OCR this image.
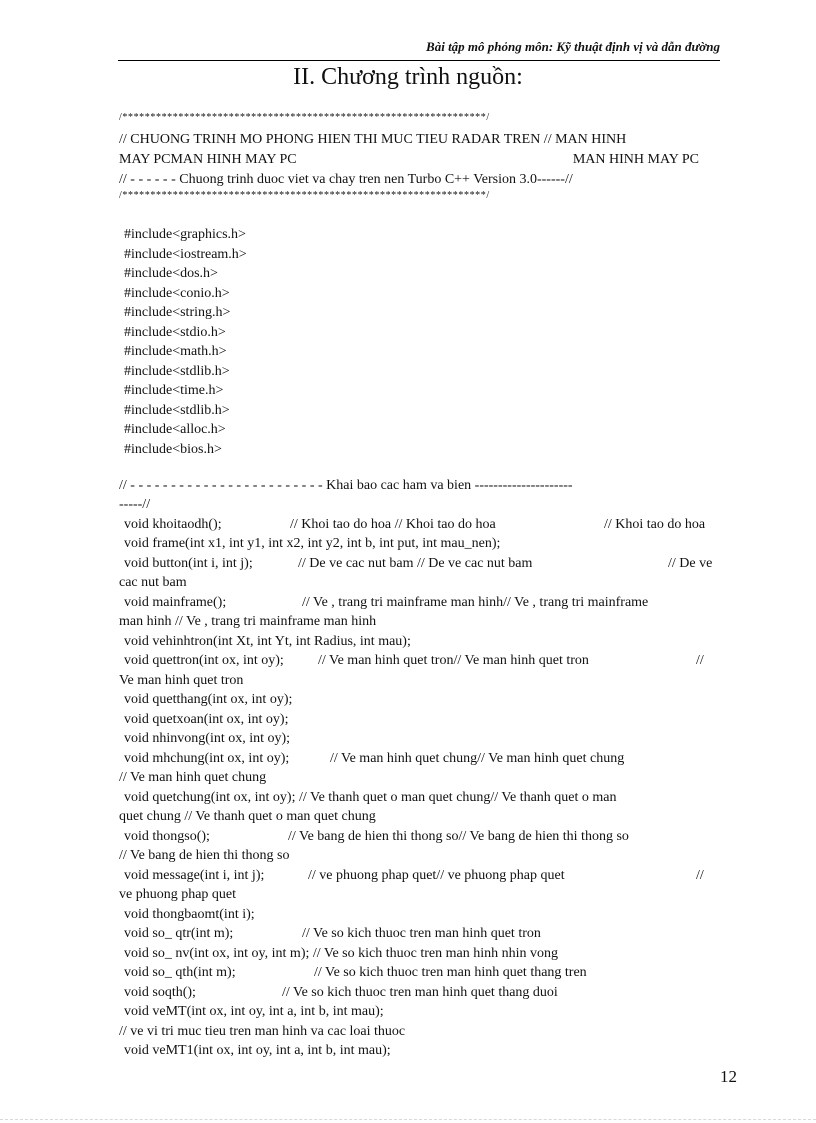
Bài tập mô phỏng môn: Kỹ thuật định vị và dẫn đường
II. Chương trình nguồn:
/*****************************************************************/
// CHUONG TRINH MO PHONG HIEN THI MUC TIEU RADAR TREN // MAN HINH
MAY PCMAN HINH MAY PC	MAN HINH MAY PC
// - - - - - - Chuong trinh duoc viet va chay tren nen Turbo C++ Version 3.0------//
/*****************************************************************/
#include<graphics.h>
#include<iostream.h>
#include<dos.h>
#include<conio.h>
#include<string.h>
#include<stdio.h>
#include<math.h>
#include<stdlib.h>
#include<time.h>
#include<stdlib.h>
#include<alloc.h>
#include<bios.h>
// - - - - - - - - - - - - - - - - - - - - - - - - Khai bao cac ham va bien ---------------------
-----//
void khoitaodh();	// Khoi tao do hoa // Khoi tao do hoa	// Khoi tao do hoa
void frame(int x1, int y1, int x2, int y2, int b, int put, int mau_nen);
void button(int i, int j);	// De ve cac nut bam // De ve cac nut bam	// De ve
cac nut bam
void mainframe();	// Ve , trang tri mainframe man hinh// Ve , trang tri mainframe
man hinh // Ve , trang tri mainframe man hinh
void vehinhtron(int Xt, int Yt, int Radius, int mau);
void quettron(int ox, int oy); // Ve man hinh quet tron// Ve man hinh quet tron	//
Ve man hinh quet tron
void quetthang(int ox, int oy);
void quetxoan(int ox, int oy);
void nhinvong(int ox, int oy);
void mhchung(int ox, int oy);	// Ve man hinh quet chung// Ve man hinh quet chung
// Ve man hinh quet chung
void quetchung(int ox, int oy); // Ve thanh quet o man quet chung// Ve thanh quet o man
quet chung // Ve thanh quet o man quet chung
void thongso();	// Ve bang de hien thi thong so// Ve bang de hien thi thong so
// Ve bang de hien thi thong so
void message(int i, int j);	// ve phuong phap quet// ve phuong phap quet	//
ve phuong phap quet
void thongbaomt(int i);
void so_ qtr(int m);	// Ve so kich thuoc tren man hinh quet tron
void so_ nv(int ox, int oy, int m); // Ve so kich thuoc tren man hinh nhin vong
void so_ qth(int m);	// Ve so kich thuoc tren man hinh quet thang tren
void soqth();	// Ve so kich thuoc tren man hinh quet thang duoi
void veMT(int ox, int oy, int a, int b, int mau);
// ve vi tri muc tieu tren man hinh va cac loai thuoc
void veMT1(int ox, int oy, int a, int b, int mau);
12
